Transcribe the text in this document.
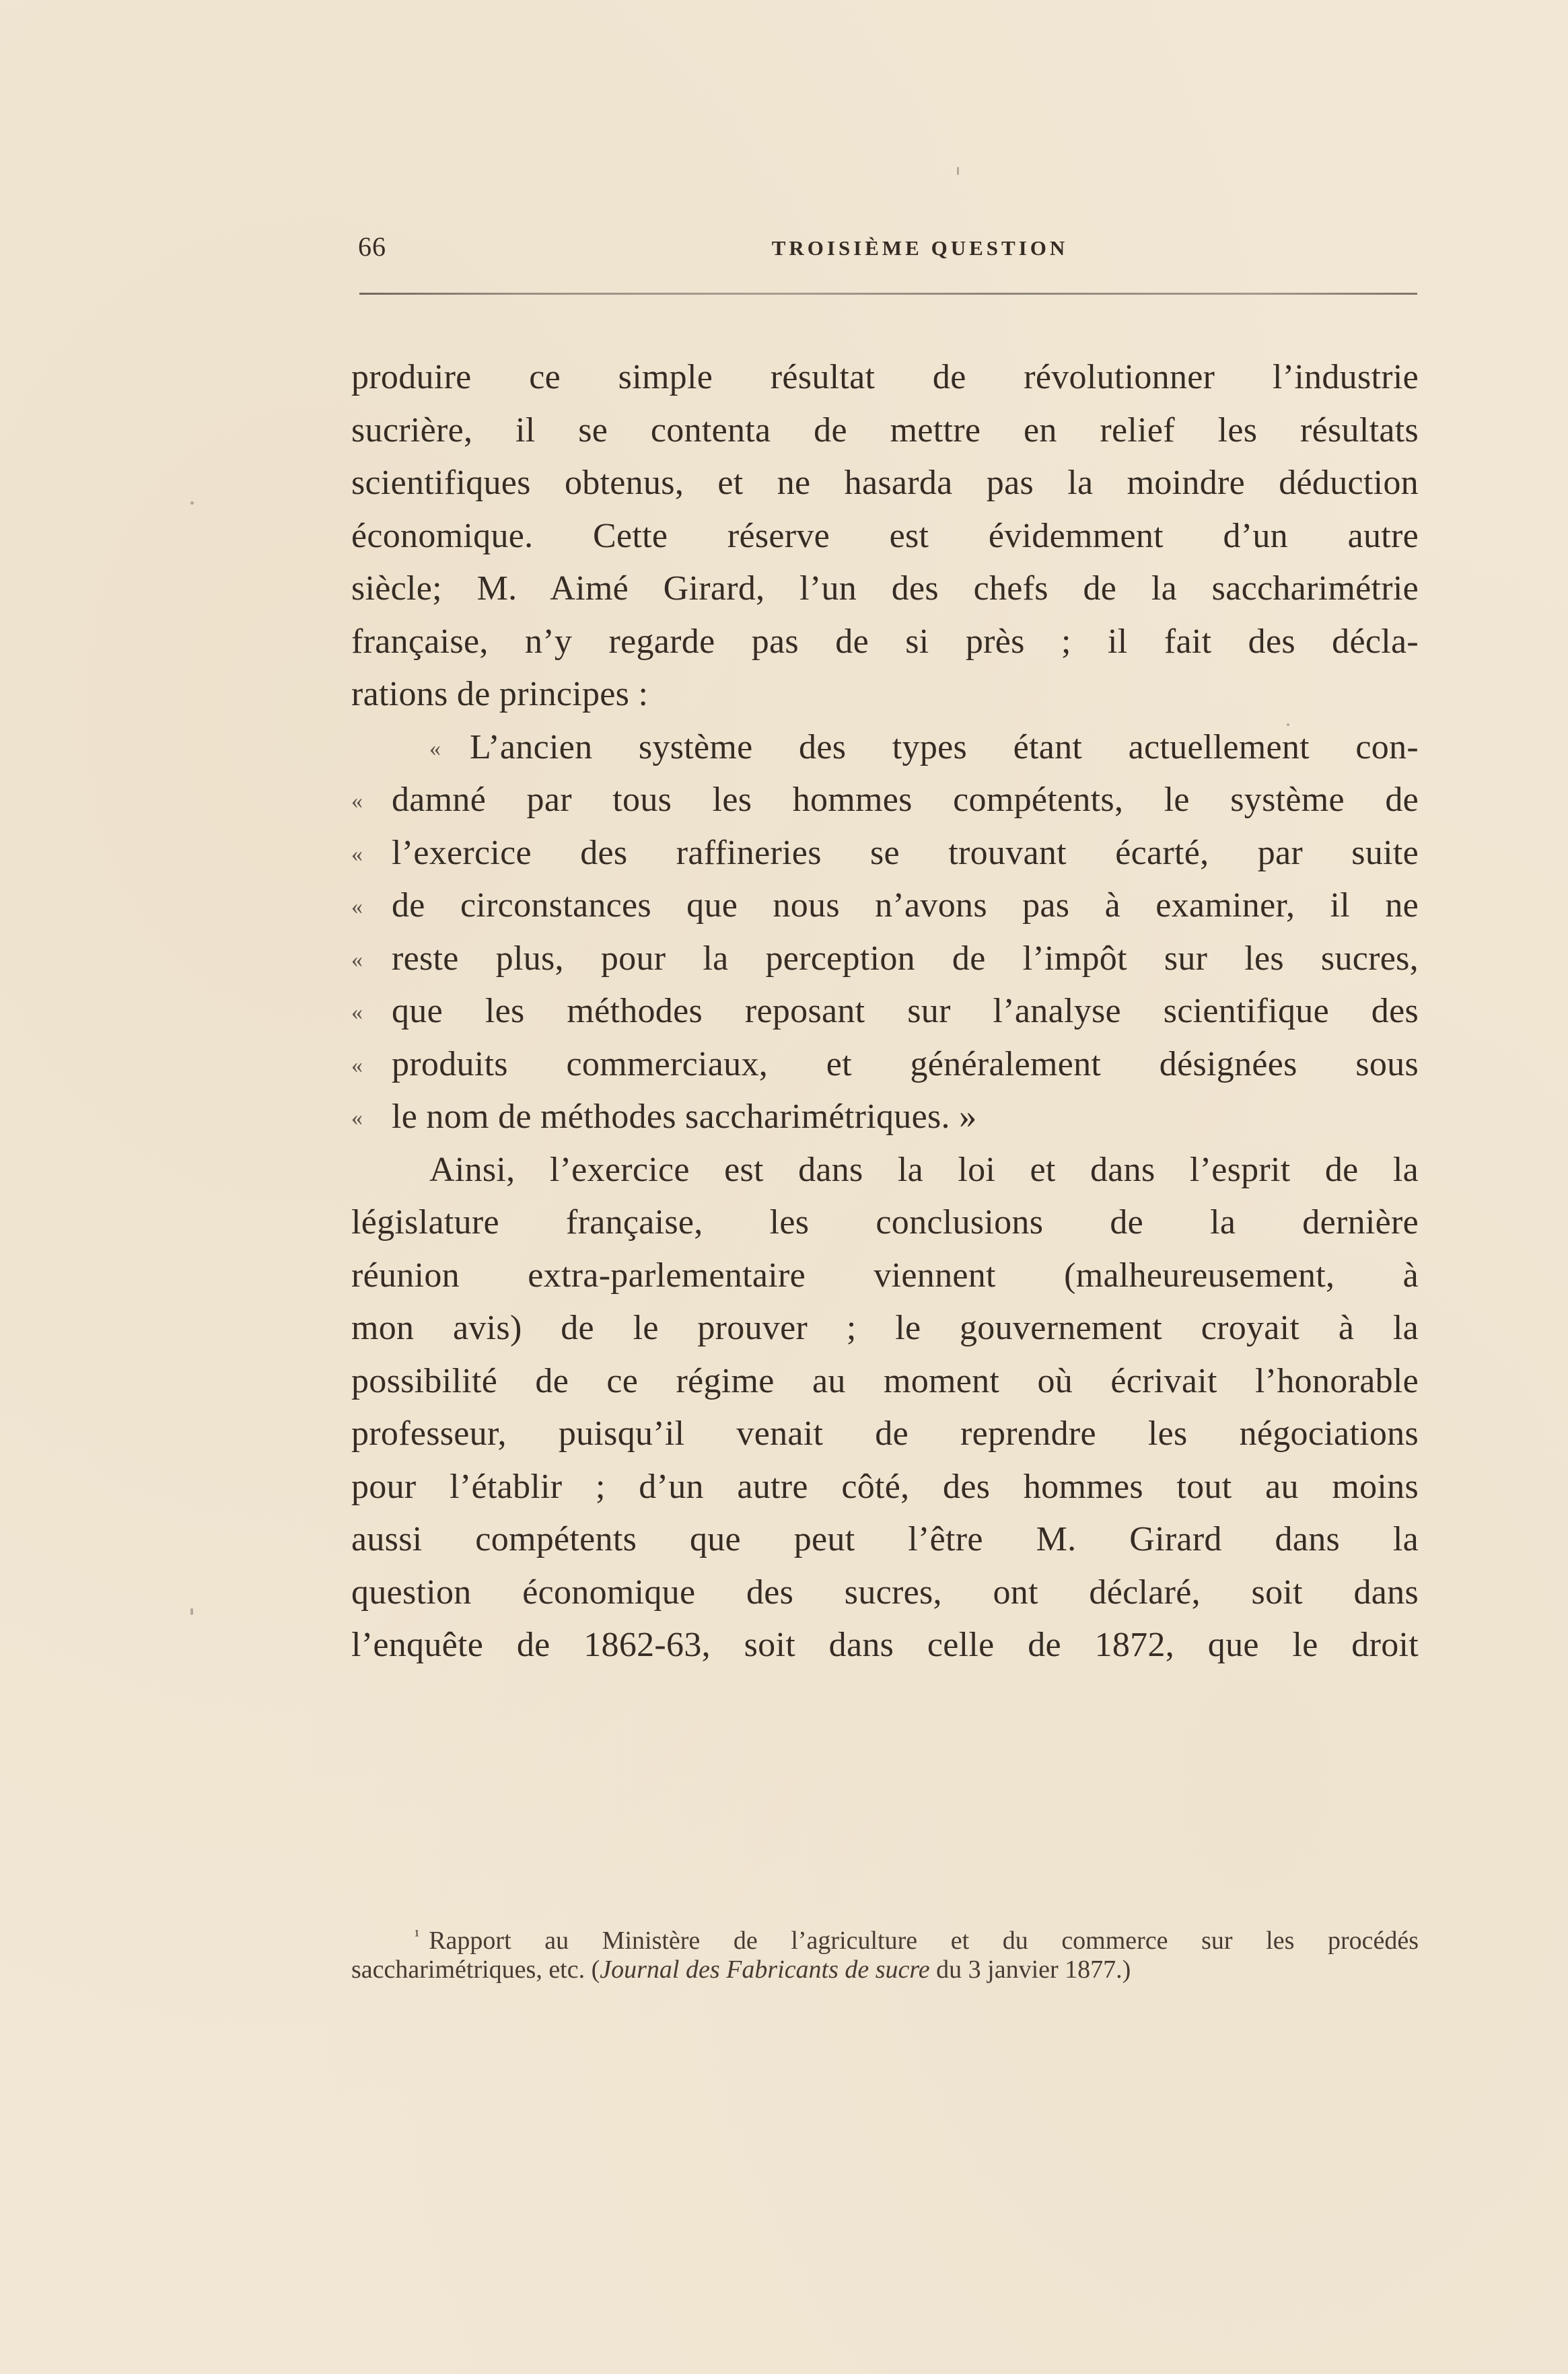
66	TROISIÈME QUESTION
produire ce simple résultat de révolutionner l’industrie
sucrière, il se contenta de mettre en relief les résultats
scientifiques obtenus, et ne hasarda pas la moindre déduction
économique. Cette réserve est évidemment d’un autre
siècle; M. Aimé Girard, l’un des chefs de la saccharimétrie
française, n’y regarde pas de si près ; il fait des décla-
rations de principes :
« L’ancien système des types étant actuellement con-
« damné par tous les hommes compétents, le système de
« l’exercice des raffineries se trouvant écarté, par suite
« de circonstances que nous n’avons pas à examiner, il ne
« reste plus, pour la perception de l’impôt sur les sucres,
« que les méthodes reposant sur l’analyse scientifique des
« produits commerciaux, et généralement désignées sous
« le nom de méthodes saccharimétriques. »
Ainsi, l’exercice est dans la loi et dans l’esprit de la
législature française, les conclusions de la dernière
réunion extra-parlementaire viennent (malheureusement, à
mon avis) de le prouver ; le gouvernement croyait à la
possibilité de ce régime au moment où écrivait l’honorable
professeur, puisqu’il venait de reprendre les négociations
pour l’établir ; d’un autre côté, des hommes tout au moins
aussi compétents que peut l’être M. Girard dans la
question économique des sucres, ont déclaré, soit dans
l’enquête de 1862-63, soit dans celle de 1872, que le droit
$^{^1}$ Rapport au Ministère de l’agriculture et du commerce sur les procédés
saccharimétriques, etc. (Journal des Fabricants de sucre du 3 janvier 1877.)
